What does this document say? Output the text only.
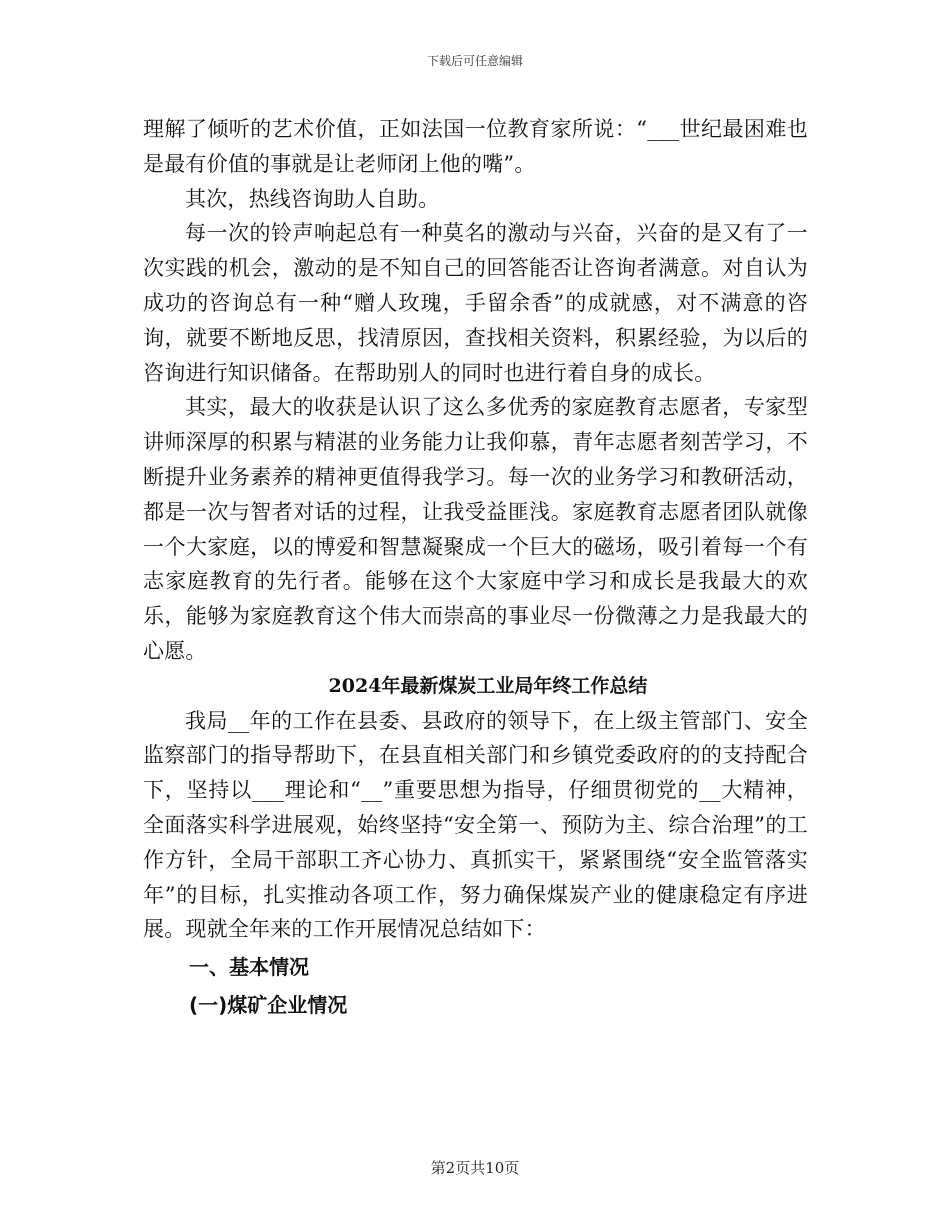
下载后可任意编辑

理解了倾听的艺术价值，正如法国一位教育家所说：“___世纪最困难也是最有价值的事就是让老师闭上他的嘴”。

其次，热线咨询助人自助。

每一次的铃声响起总有一种莫名的激动与兴奋，兴奋的是又有了一次实践的机会，激动的是不知自己的回答能否让咨询者满意。对自认为成功的咨询总有一种“赠人玫瑰，手留余香”的成就感，对不满意的咨询，就要不断地反思，找清原因，查找相关资料，积累经验，为以后的咨询进行知识储备。在帮助别人的同时也进行着自身的成长。

其实，最大的收获是认识了这么多优秀的家庭教育志愿者，专家型讲师深厚的积累与精湛的业务能力让我仰慕，青年志愿者刻苦学习，不断提升业务素养的精神更值得我学习。每一次的业务学习和教研活动，都是一次与智者对话的过程，让我受益匪浅。家庭教育志愿者团队就像一个大家庭，以的博爱和智慧凝聚成一个巨大的磁场，吸引着每一个有志家庭教育的先行者。能够在这个大家庭中学习和成长是我最大的欢乐，能够为家庭教育这个伟大而崇高的事业尽一份微薄之力是我最大的心愿。

2024年最新煤炭工业局年终工作总结

我局__年的工作在县委、县政府的领导下，在上级主管部门、安全监察部门的指导帮助下，在县直相关部门和乡镇党委政府的的支持配合下，坚持以___理论和“__”重要思想为指导，仔细贯彻党的__大精神，全面落实科学进展观，始终坚持“安全第一、预防为主、综合治理”的工作方针，全局干部职工齐心协力、真抓实干，紧紧围绕“安全监管落实年”的目标，扎实推动各项工作，努力确保煤炭产业的健康稳定有序进展。现就全年来的工作开展情况总结如下：

一、基本情况

(一)煤矿企业情况

第2页共10页
